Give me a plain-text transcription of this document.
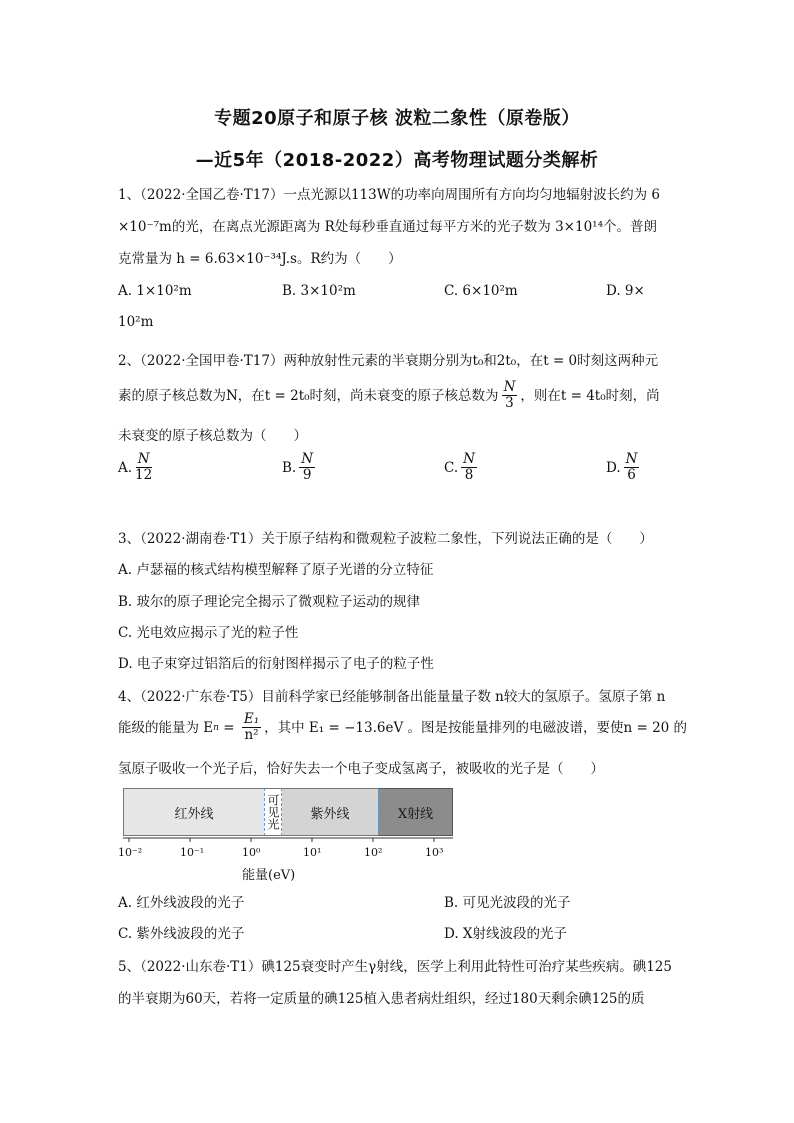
专题20原子和原子核 波粒二象性（原卷版）
—近5年（2018-2022）高考物理试题分类解析
1、（2022·全国乙卷·T17）一点光源以113W的功率向周围所有方向均匀地辐射波长约为 6
×10⁻⁷m的光，在离点光源距离为 R处每秒垂直通过每平方米的光子数为 3×10¹⁴个。普朗
克常量为 h = 6.63×10⁻³⁴J.s。R约为（　　）
A. 1×10²m	B. 3×10²m	C. 6×10²m	D. 9×
10²m
2、（2022·全国甲卷·T17）两种放射性元素的半衰期分别为t₀和2t₀，在t = 0时刻这两种元
素的原子核总数为N，在t = 2t₀时刻，尚未衰变的原子核总数为 $\frac{N}{3}$ ，则在t = 4t₀时刻，尚
未衰变的原子核总数为（　　）
A. $\frac{N}{12}$	B. $\frac{N}{9}$	C. $\frac{N}{8}$	D. $\frac{N}{6}$
3、（2022·湖南卷·T1）关于原子结构和微观粒子波粒二象性，下列说法正确的是（　　）
A. 卢瑟福的核式结构模型解释了原子光谱的分立特征
B. 玻尔的原子理论完全揭示了微观粒子运动的规律
C. 光电效应揭示了光的粒子性
D. 电子束穿过铝箔后的衍射图样揭示了电子的粒子性
4、（2022·广东卷·T5）目前科学家已经能够制备出能量量子数 n较大的氢原子。氢原子第 n
能级的能量为 E $n = \frac{\text{E₁}}{\text{n²}}$ ，其中 E₁ = −13.6eV 。图是按能量排列的电磁波谱，要使n = 20 的
氢原子吸收一个光子后，恰好失去一个电子变成氢离子，被吸收的光子是（　　）
红外线	可见光	紫外线	X射线
10⁻²	10⁻¹	10⁰	10¹	10²	10³
能量(eV)
A. 红外线波段的光子	B. 可见光波段的光子
C. 紫外线波段的光子	D. X射线波段的光子
5、（2022·山东卷·T1）碘125衰变时产生γ射线，医学上利用此特性可治疗某些疾病。碘125
的半衰期为60天，若将一定质量的碘125植入患者病灶组织，经过180天剩余碘125的质
